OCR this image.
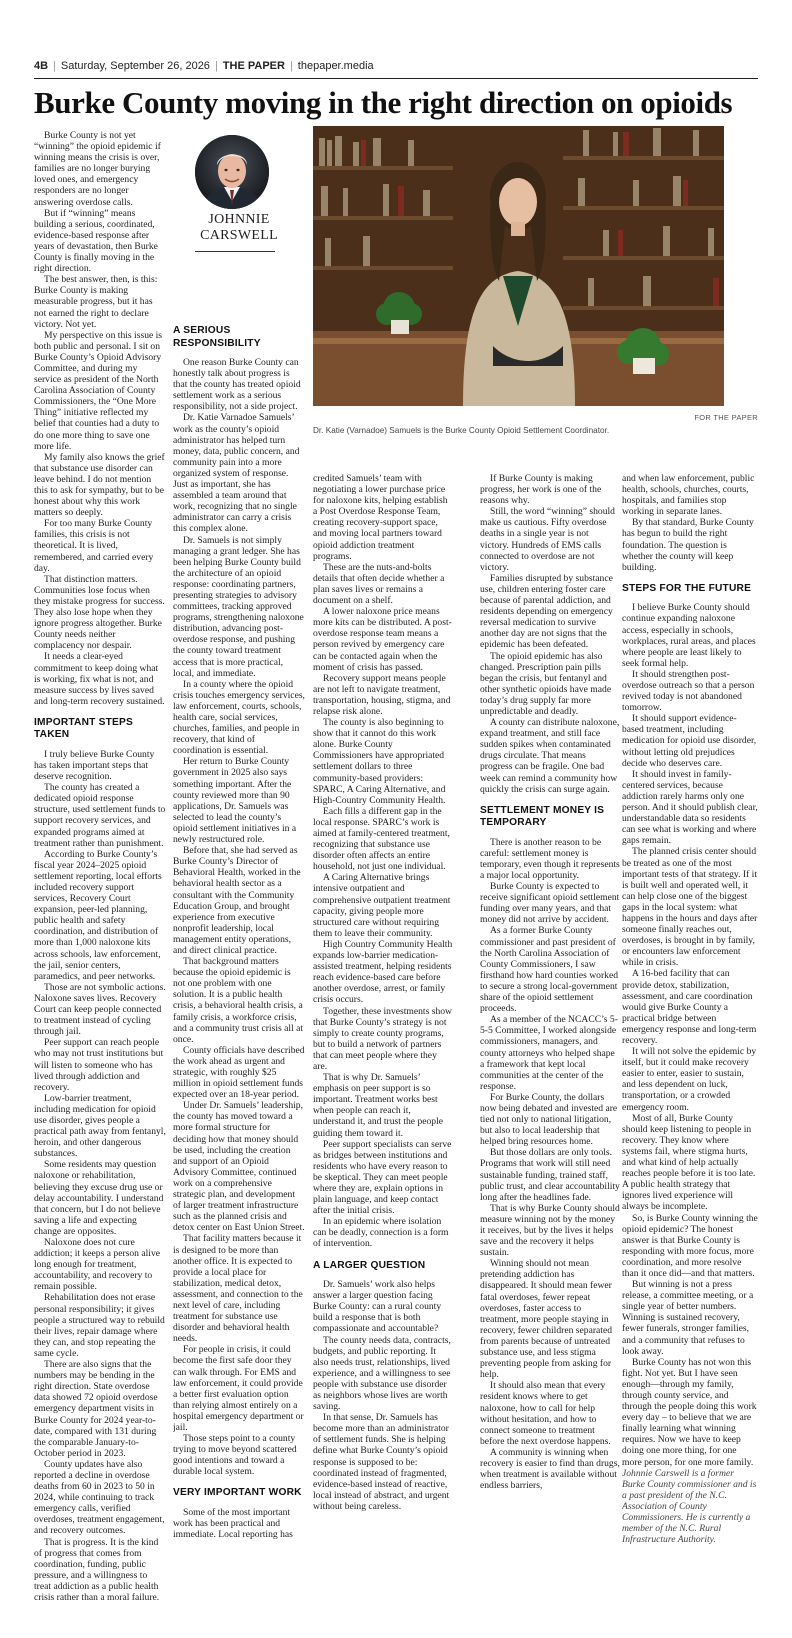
4B | Saturday, September 26, 2026 | THE PAPER | thepaper.media
Burke County moving in the right direction on opioids
JOHNNIE
CARSWELL
FOR THE PAPER
Dr. Katie (Varnadoe) Samuels is the Burke County Opioid Settlement Coordinator.

Burke County is not yet “winning” the opioid epidemic if winning means the crisis is over, families are no longer burying loved ones, and emergency responders are no longer answering overdose calls.

But if “winning” means building a serious, coordinated, evidence-based response after years of devastation, then Burke County is finally moving in the right direction.

The best answer, then, is this: Burke County is making measurable progress, but it has not earned the right to declare victory. Not yet.

My perspective on this issue is both public and personal. I sit on Burke County’s Opioid Advisory Committee, and during my service as president of the North Carolina Association of County Commissioners, the “One More Thing” initiative reflected my belief that counties had a duty to do one more thing to save one more life.

My family also knows the grief that substance use disorder can leave behind. I do not mention this to ask for sympathy, but to be honest about why this work matters so deeply.

For too many Burke County families, this crisis is not theoretical. It is lived, remembered, and carried every day.

That distinction matters. Communities lose focus when they mistake progress for success. They also lose hope when they ignore progress altogether. Burke County needs neither complacency nor despair.

It needs a clear-eyed commitment to keep doing what is working, fix what is not, and measure success by lives saved and long-term recovery sustained.

IMPORTANT STEPS TAKEN

I truly believe Burke County has taken important steps that deserve recognition.

The county has created a dedicated opioid response structure, used settlement funds to support recovery services, and expanded programs aimed at treatment rather than punishment.

According to Burke County’s fiscal year 2024–2025 opioid settlement reporting, local efforts included recovery support services, Recovery Court expansion, peer-led planning, public health and safety coordination, and distribution of more than 1,000 naloxone kits across schools, law enforcement, the jail, senior centers, paramedics, and peer networks.

Those are not symbolic actions. Naloxone saves lives. Recovery Court can keep people connected to treatment instead of cycling through jail.

Peer support can reach people who may not trust institutions but will listen to someone who has lived through addiction and recovery.

Low-barrier treatment, including medication for opioid use disorder, gives people a practical path away from fentanyl, heroin, and other dangerous substances.

Some residents may question naloxone or rehabilitation, believing they excuse drug use or delay accountability. I understand that concern, but I do not believe saving a life and expecting change are opposites.

Naloxone does not cure addiction; it keeps a person alive long enough for treatment, accountability, and recovery to remain possible.

Rehabilitation does not erase personal responsibility; it gives people a structured way to rebuild their lives, repair damage where they can, and stop repeating the same cycle.

There are also signs that the numbers may be bending in the right direction. State overdose data showed 72 opioid overdose emergency department visits in Burke County for 2024 year-to-date, compared with 131 during the comparable January-to-October period in 2023.

County updates have also reported a decline in overdose deaths from 60 in 2023 to 50 in 2024, while continuing to track emergency calls, verified overdoses, treatment engagement, and recovery outcomes.

That is progress. It is the kind of progress that comes from coordination, funding, public pressure, and a willingness to treat addiction as a public health crisis rather than a moral failure.

A SERIOUS RESPONSIBILITY

One reason Burke County can honestly talk about progress is that the county has treated opioid settlement work as a serious responsibility, not a side project.

Dr. Katie Varnadoe Samuels’ work as the county’s opioid administrator has helped turn money, data, public concern, and community pain into a more organized system of response. Just as important, she has assembled a team around that work, recognizing that no single administrator can carry a crisis this complex alone.

Dr. Samuels is not simply managing a grant ledger. She has been helping Burke County build the architecture of an opioid response: coordinating partners, presenting strategies to advisory committees, tracking approved programs, strengthening naloxone distribution, advancing post-overdose response, and pushing the county toward treatment access that is more practical, local, and immediate.

In a county where the opioid crisis touches emergency services, law enforcement, courts, schools, health care, social services, churches, families, and people in recovery, that kind of coordination is essential.

Her return to Burke County government in 2025 also says something important. After the county reviewed more than 90 applications, Dr. Samuels was selected to lead the county’s opioid settlement initiatives in a newly restructured role.

Before that, she had served as Burke County’s Director of Behavioral Health, worked in the behavioral health sector as a consultant with the Community Education Group, and brought experience from executive nonprofit leadership, local management entity operations, and direct clinical practice.

That background matters because the opioid epidemic is not one problem with one solution. It is a public health crisis, a behavioral health crisis, a family crisis, a workforce crisis, and a community trust crisis all at once.

County officials have described the work ahead as urgent and strategic, with roughly $25 million in opioid settlement funds expected over an 18-year period.

Under Dr. Samuels’ leadership, the county has moved toward a more formal structure for deciding how that money should be used, including the creation and support of an Opioid Advisory Committee, continued work on a comprehensive strategic plan, and development of larger treatment infrastructure such as the planned crisis and detox center on East Union Street.

That facility matters because it is designed to be more than another office. It is expected to provide a local place for stabilization, medical detox, assessment, and connection to the next level of care, including treatment for substance use disorder and behavioral health needs.

For people in crisis, it could become the first safe door they can walk through. For EMS and law enforcement, it could provide a better first evaluation option than relying almost entirely on a hospital emergency department or jail.

Those steps point to a county trying to move beyond scattered good intentions and toward a durable local system.

VERY IMPORTANT WORK

Some of the most important work has been practical and immediate. Local reporting has

credited Samuels’ team with negotiating a lower purchase price for naloxone kits, helping establish a Post Overdose Response Team, creating recovery-support space, and moving local partners toward opioid addiction treatment programs.

These are the nuts-and-bolts details that often decide whether a plan saves lives or remains a document on a shelf.

A lower naloxone price means more kits can be distributed. A post-overdose response team means a person revived by emergency care can be contacted again when the moment of crisis has passed.

Recovery support means people are not left to navigate treatment, transportation, housing, stigma, and relapse risk alone.

The county is also beginning to show that it cannot do this work alone. Burke County Commissioners have appropriated settlement dollars to three community-based providers: SPARC, A Caring Alternative, and High-Country Community Health.

Each fills a different gap in the local response. SPARC’s work is aimed at family-centered treatment, recognizing that substance use disorder often affects an entire household, not just one individual.

A Caring Alternative brings intensive outpatient and comprehensive outpatient treatment capacity, giving people more structured care without requiring them to leave their community.

High Country Community Health expands low-barrier medication-assisted treatment, helping residents reach evidence-based care before another overdose, arrest, or family crisis occurs.

Together, these investments show that Burke County’s strategy is not simply to create county programs, but to build a network of partners that can meet people where they are.

That is why Dr. Samuels’ emphasis on peer support is so important. Treatment works best when people can reach it, understand it, and trust the people guiding them toward it.

Peer support specialists can serve as bridges between institutions and residents who have every reason to be skeptical. They can meet people where they are, explain options in plain language, and keep contact after the initial crisis.

In an epidemic where isolation can be deadly, connection is a form of intervention.

A LARGER QUESTION

Dr. Samuels’ work also helps answer a larger question facing Burke County: can a rural county build a response that is both compassionate and accountable?

The county needs data, contracts, budgets, and public reporting. It also needs trust, relationships, lived experience, and a willingness to see people with substance use disorder as neighbors whose lives are worth saving.

In that sense, Dr. Samuels has become more than an administrator of settlement funds. She is helping define what Burke County’s opioid response is supposed to be: coordinated instead of fragmented, evidence-based instead of reactive, local instead of abstract, and urgent without being careless.

If Burke County is making progress, her work is one of the reasons why.

Still, the word “winning” should make us cautious. Fifty overdose deaths in a single year is not victory. Hundreds of EMS calls connected to overdose are not victory.

Families disrupted by substance use, children entering foster care because of parental addiction, and residents depending on emergency reversal medication to survive another day are not signs that the epidemic has been defeated.

The opioid epidemic has also changed. Prescription pain pills began the crisis, but fentanyl and other synthetic opioids have made today’s drug supply far more unpredictable and deadly.

A county can distribute naloxone, expand treatment, and still face sudden spikes when contaminated drugs circulate. That means progress can be fragile. One bad week can remind a community how quickly the crisis can surge again.

SETTLEMENT MONEY IS TEMPORARY

There is another reason to be careful: settlement money is temporary, even though it represents a major local opportunity.

Burke County is expected to receive significant opioid settlement funding over many years, and that money did not arrive by accident.

As a former Burke County commissioner and past president of the North Carolina Association of County Commissioners, I saw firsthand how hard counties worked to secure a strong local-government share of the opioid settlement proceeds.

As a member of the NCACC’s 5-5-5 Committee, I worked alongside commissioners, managers, and county attorneys who helped shape a framework that kept local communities at the center of the response.

For Burke County, the dollars now being debated and invested are tied not only to national litigation, but also to local leadership that helped bring resources home.

But those dollars are only tools. Programs that work will still need sustainable funding, trained staff, public trust, and clear accountability long after the headlines fade.

That is why Burke County should measure winning not by the money it receives, but by the lives it helps save and the recovery it helps sustain.

Winning should not mean pretending addiction has disappeared. It should mean fewer fatal overdoses, fewer repeat overdoses, faster access to treatment, more people staying in recovery, fewer children separated from parents because of untreated substance use, and less stigma preventing people from asking for help.

It should also mean that every resident knows where to get naloxone, how to call for help without hesitation, and how to connect someone to treatment before the next overdose happens.

A community is winning when recovery is easier to find than drugs, when treatment is available without endless barriers,

and when law enforcement, public health, schools, churches, courts, hospitals, and families stop working in separate lanes.

By that standard, Burke County has begun to build the right foundation. The question is whether the county will keep building.

STEPS FOR THE FUTURE

I believe Burke County should continue expanding naloxone access, especially in schools, workplaces, rural areas, and places where people are least likely to seek formal help.

It should strengthen post-overdose outreach so that a person revived today is not abandoned tomorrow.

It should support evidence-based treatment, including medication for opioid use disorder, without letting old prejudices decide who deserves care.

It should invest in family-centered services, because addiction rarely harms only one person. And it should publish clear, understandable data so residents can see what is working and where gaps remain.

The planned crisis center should be treated as one of the most important tests of that strategy. If it is built well and operated well, it can help close one of the biggest gaps in the local system: what happens in the hours and days after someone finally reaches out, overdoses, is brought in by family, or encounters law enforcement while in crisis.

A 16-bed facility that can provide detox, stabilization, assessment, and care coordination would give Burke County a practical bridge between emergency response and long-term recovery.

It will not solve the epidemic by itself, but it could make recovery easier to enter, easier to sustain, and less dependent on luck, transportation, or a crowded emergency room.

Most of all, Burke County should keep listening to people in recovery. They know where systems fail, where stigma hurts, and what kind of help actually reaches people before it is too late. A public health strategy that ignores lived experience will always be incomplete.

So, is Burke County winning the opioid epidemic? The honest answer is that Burke County is responding with more focus, more coordination, and more resolve than it once did—and that matters.

But winning is not a press release, a committee meeting, or a single year of better numbers. Winning is sustained recovery, fewer funerals, stronger families, and a community that refuses to look away.

Burke County has not won this fight. Not yet. But I have seen enough—through my family, through county service, and through the people doing this work every day – to believe that we are finally learning what winning requires. Now we have to keep doing one more thing, for one more person, for one more family.

Johnnie Carswell is a former Burke County commissioner and is a past president of the N.C. Association of County Commissioners. He is currently a member of the N.C. Rural Infrastructure Authority.
